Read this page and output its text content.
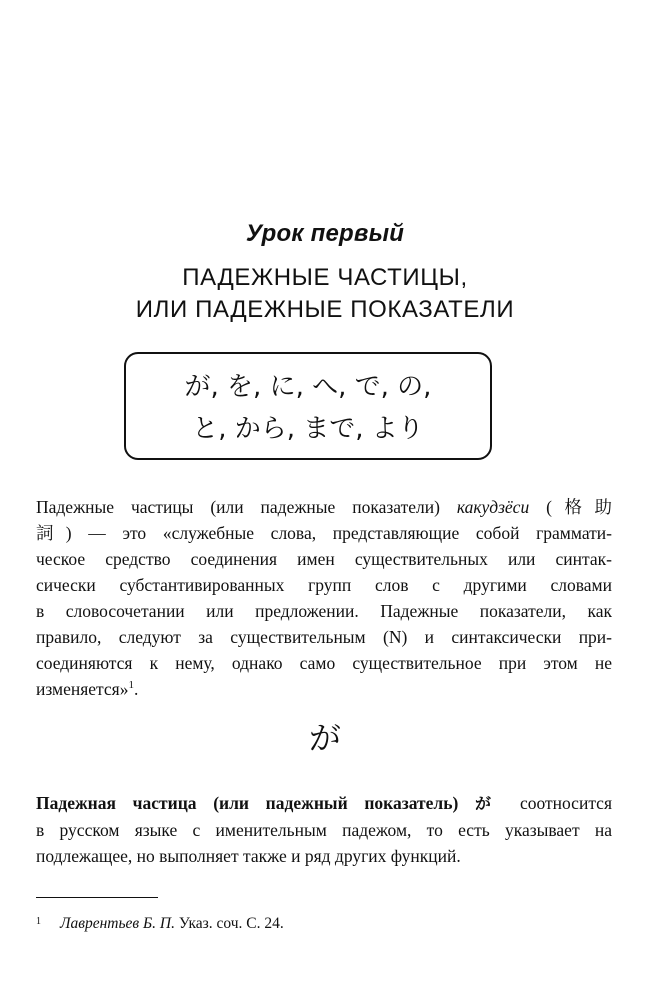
Урок первый
ПАДЕЖНЫЕ ЧАСТИЦЫ,
ИЛИ ПАДЕЖНЫЕ ПОКАЗАТЕЛИ
が, を, に, へ, で, の,
と, から, まで, より
Падежные частицы (или падежные показатели) какудзёси (格助
詞) — это «служебные слова, представляющие собой граммати-
ческое средство соединения имен существительных или синтак-
сически субстантивированных групп слов с другими словами
в словосочетании или предложении. Падежные показатели, как
правило, следуют за существительным (N) и синтаксически при-
соединяются к нему, однако само существительное при этом не
изменяется»$^1$.
が
Падежная частица (или падежный показатель) が соотносится
в русском языке с именительным падежом, то есть указывает на
подлежащее, но выполняет также и ряд других функций.
1 Лаврентьев Б. П. Указ. соч. С. 24.
